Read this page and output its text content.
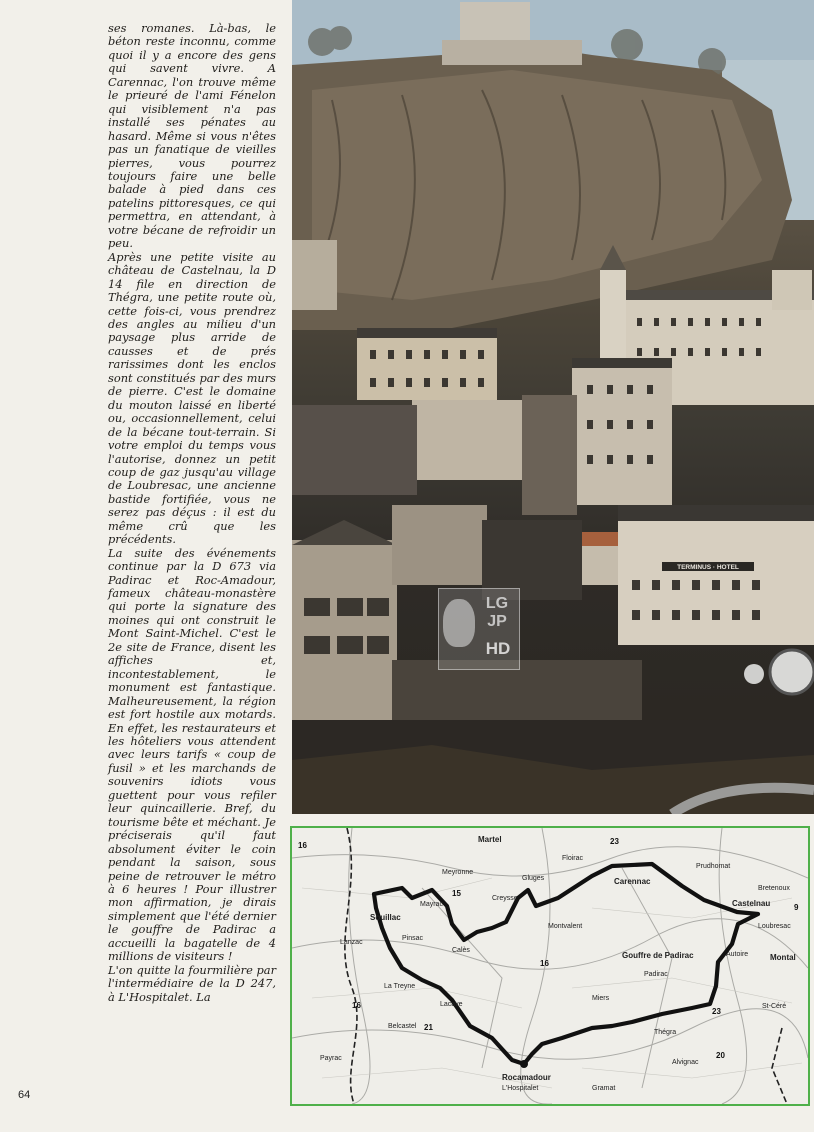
ses romanes. Là-bas, le béton reste inconnu, comme quoi il y a encore des gens qui savent vivre. A Carennac, l'on trouve même le prieuré de l'ami Fénelon qui visiblement n'a pas installé ses pénates au hasard. Même si vous n'êtes pas un fanatique de vieilles pierres, vous pourrez toujours faire une belle balade à pied dans ces patelins pittoresques, ce qui permettra, en attendant, à votre bécane de refroidir un peu.

Après une petite visite au château de Castelnau, la D 14 file en direction de Thégra, une petite route où, cette fois-ci, vous prendrez des angles au milieu d'un paysage plus arride de causses et de prés rarissimes dont les enclos sont constitués par des murs de pierre. C'est le domaine du mouton laissé en liberté ou, occasionnellement, celui de la bécane tout-terrain. Si votre emploi du temps vous l'autorise, donnez un petit coup de gaz jusqu'au village de Loubresac, une ancienne bastide fortifiée, vous ne serez pas déçus : il est du même crû que les précédents.

La suite des événements continue par la D 673 via Padirac et Roc-Amadour, fameux château-monastère qui porte la signature des moines qui ont construit le Mont Saint-Michel. C'est le 2e site de France, disent les affiches et, incontestablement, le monument est fantastique. Malheureusement, la région est fort hostile aux motards. En effet, les restaurateurs et les hôteliers vous attendent avec leurs tarifs « coup de fusil » et les marchands de souvenirs idiots vous guettent pour vous refiler leur quincaillerie. Bref, du tourisme bête et méchant. Je préciserais qu'il faut absolument éviter le coin pendant la saison, sous peine de retrouver le métro à 6 heures ! Pour illustrer mon affirmation, je dirais simplement que l'été dernier le gouffre de Padirac a accueilli la bagatelle de 4 millions de visiteurs !

L'on quitte la fourmilière par l'intermédiaire de la D 247, à L'Hospitalet. La

64
TERMINUS · HOTEL
LG JP
HD
Martel
Carennac
Castelnau
Souillac
Gouffre de Padirac
Padirac
Autoire	Montal
La Treyne
Rocamadour
L'Hospitalet
Thégra
Loubresac
Bretenoux
Mayrac
Lacave
Calès
Payrac
Alvignac
Miers
Gramat
St-Céré
Floirac
Gluges
Meyronne
Lanzac
Pinsac
Creysse
Montvalent
Prudhomat
Belcastel
16
15
23
16
20
21
23
16
9
